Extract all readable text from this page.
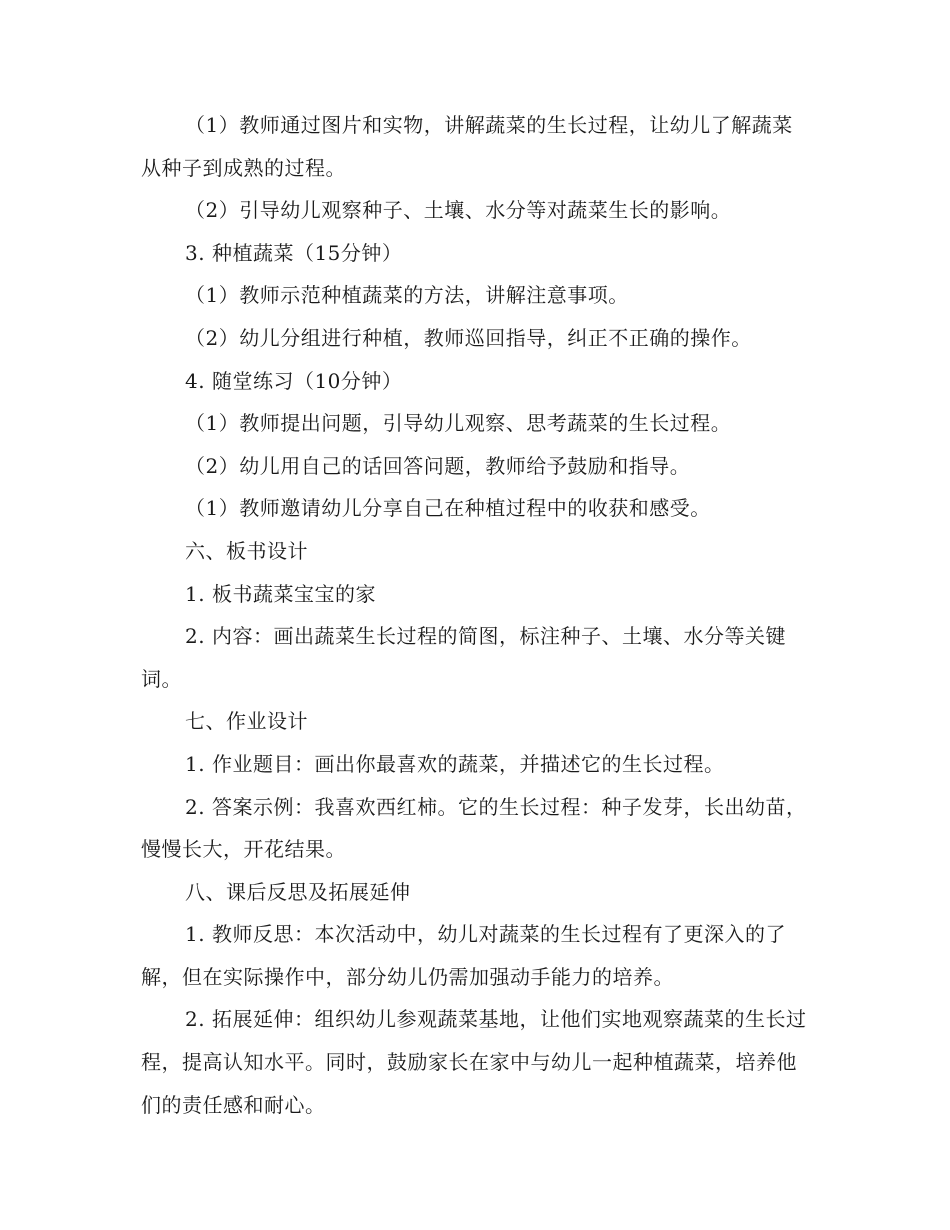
（1）教师通过图片和实物，讲解蔬菜的生长过程，让幼儿了解蔬菜从种子到成熟的过程。

（2）引导幼儿观察种子、土壤、水分等对蔬菜生长的影响。

3. 种植蔬菜（15分钟）

（1）教师示范种植蔬菜的方法，讲解注意事项。

（2）幼儿分组进行种植，教师巡回指导，纠正不正确的操作。

4. 随堂练习（10分钟）

（1）教师提出问题，引导幼儿观察、思考蔬菜的生长过程。

（2）幼儿用自己的话回答问题，教师给予鼓励和指导。

（1）教师邀请幼儿分享自己在种植过程中的收获和感受。

六、板书设计

1. 板书蔬菜宝宝的家

2. 内容：画出蔬菜生长过程的简图，标注种子、土壤、水分等关键词。

七、作业设计

1. 作业题目：画出你最喜欢的蔬菜，并描述它的生长过程。

2. 答案示例：我喜欢西红柿。它的生长过程：种子发芽，长出幼苗，慢慢长大，开花结果。

八、课后反思及拓展延伸

1. 教师反思：本次活动中，幼儿对蔬菜的生长过程有了更深入的了解，但在实际操作中，部分幼儿仍需加强动手能力的培养。

2. 拓展延伸：组织幼儿参观蔬菜基地，让他们实地观察蔬菜的生长过程，提高认知水平。同时，鼓励家长在家中与幼儿一起种植蔬菜，培养他们的责任感和耐心。
